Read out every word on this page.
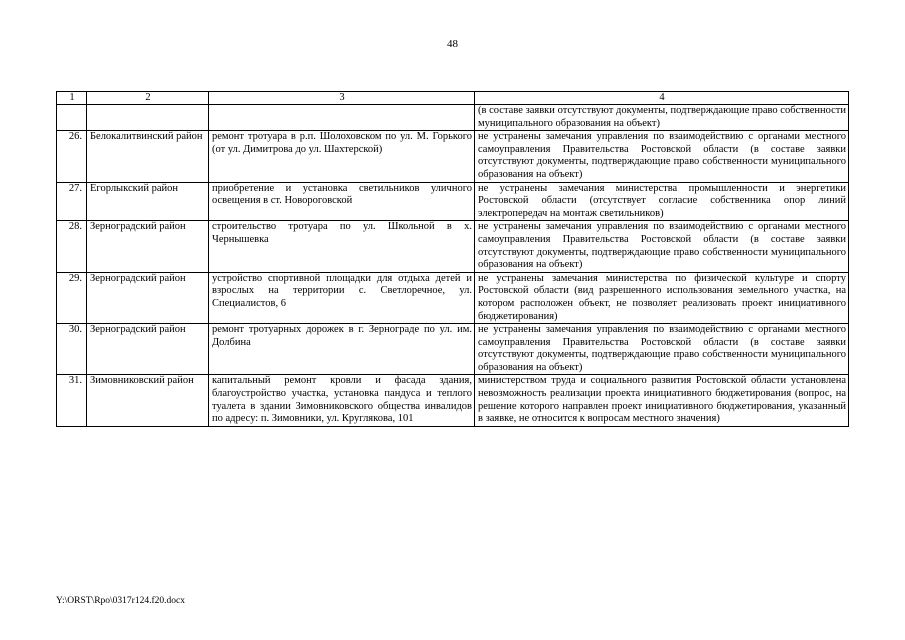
48
1	2	3	4
			(в составе заявки отсутствуют документы, подтверждающие право собственности муниципального образования на объект)
26.	Белокалитвинский район	ремонт тротуара в р.п. Шолоховском по ул. М. Горького (от ул. Димитрова до ул. Шахтерской)	не устранены замечания управления по взаимодействию с органами местного самоуправления Правительства Ростовской области (в составе заявки отсутствуют документы, подтверждающие право собственности муниципального образования на объект)
27.	Егорлыкский район	приобретение и установка светильников уличного освещения в ст. Новороговской	не устранены замечания министерства промышленности и энергетики Ростовской области (отсутствует согласие собственника опор линий электропередач на монтаж светильников)
28.	Зерноградский район	строительство тротуара по ул. Школьной в х. Чернышевка	не устранены замечания управления по взаимодействию с органами местного самоуправления Правительства Ростовской области (в составе заявки отсутствуют документы, подтверждающие право собственности муниципального образования на объект)
29.	Зерноградский район	устройство спортивной площадки для отдыха детей и взрослых на территории с. Светлоречное, ул. Специалистов, 6	не устранены замечания министерства по физической культуре и спорту Ростовской области (вид разрешенного использования земельного участка, на котором расположен объект, не позволяет реализовать проект инициативного бюджетирования)
30.	Зерноградский район	ремонт тротуарных дорожек в г. Зернограде по ул. им. Долбина	не устранены замечания управления по взаимодействию с органами местного самоуправления Правительства Ростовской области (в составе заявки отсутствуют документы, подтверждающие право собственности муниципального образования на объект)
31.	Зимовниковский район	капитальный ремонт кровли и фасада здания, благоустройство участка, установка пандуса и теплого туалета в здании Зимовниковского общества инвалидов по адресу: п. Зимовники, ул. Круглякова, 101	министерством труда и социального развития Ростовской области установлена невозможность реализации проекта инициативного бюджетирования (вопрос, на решение которого направлен проект инициативного бюджетирования, указанный в заявке, не относится к вопросам местного значения)
Y:\ORST\Rpo\0317r124.f20.docx
